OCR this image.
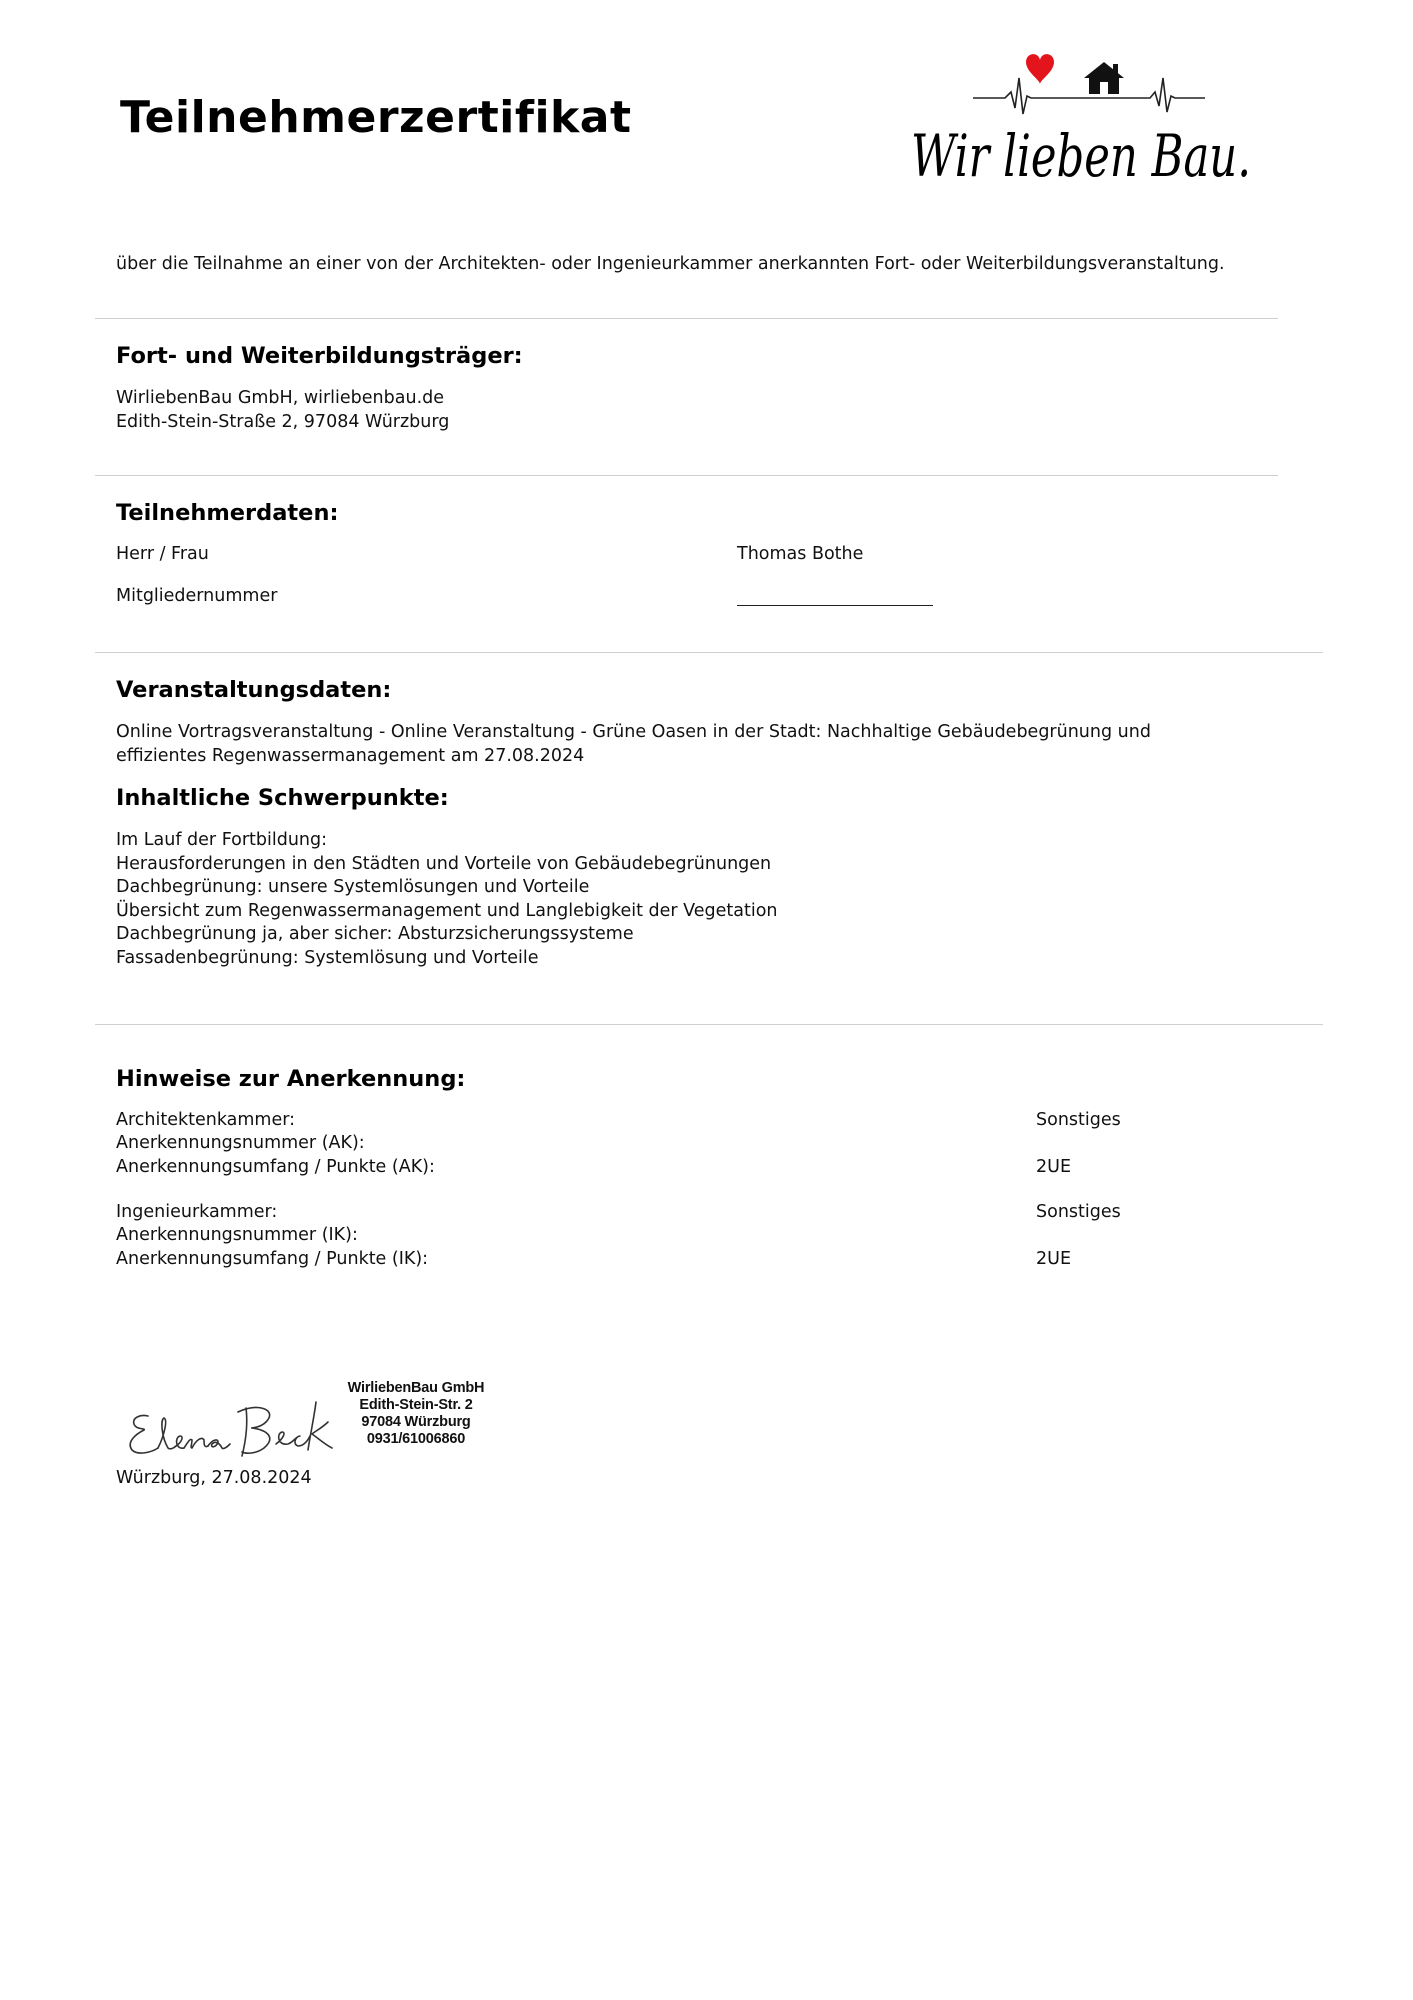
Teilnehmerzertifikat
Wir lieben Bau.
über die Teilnahme an einer von der Architekten- oder Ingenieurkammer anerkannten Fort- oder Weiterbildungsveranstaltung.
Fort- und Weiterbildungsträger:
WirliebenBau GmbH, wirliebenbau.de
Edith-Stein-Straße 2, 97084 Würzburg
Teilnehmerdaten:
Herr / Frau	Thomas Bothe
Mitgliedernummer
Veranstaltungsdaten:
Online Vortragsveranstaltung - Online Veranstaltung - Grüne Oasen in der Stadt: Nachhaltige Gebäudebegrünung und
effizientes Regenwassermanagement am 27.08.2024
Inhaltliche Schwerpunkte:
Im Lauf der Fortbildung:
Herausforderungen in den Städten und Vorteile von Gebäudebegrünungen
Dachbegrünung: unsere Systemlösungen und Vorteile
Übersicht zum Regenwassermanagement und Langlebigkeit der Vegetation
Dachbegrünung ja, aber sicher: Absturzsicherungssysteme
Fassadenbegrünung: Systemlösung und Vorteile
Hinweise zur Anerkennung:
Architektenkammer:	Sonstiges
Anerkennungsnummer (AK):
Anerkennungsumfang / Punkte (AK):	2UE
Ingenieurkammer:	Sonstiges
Anerkennungsnummer (IK):
Anerkennungsumfang / Punkte (IK):	2UE
Würzburg, 27.08.2024
WirliebenBau GmbH
Edith-Stein-Str. 2
97084 Würzburg
0931/61006860
